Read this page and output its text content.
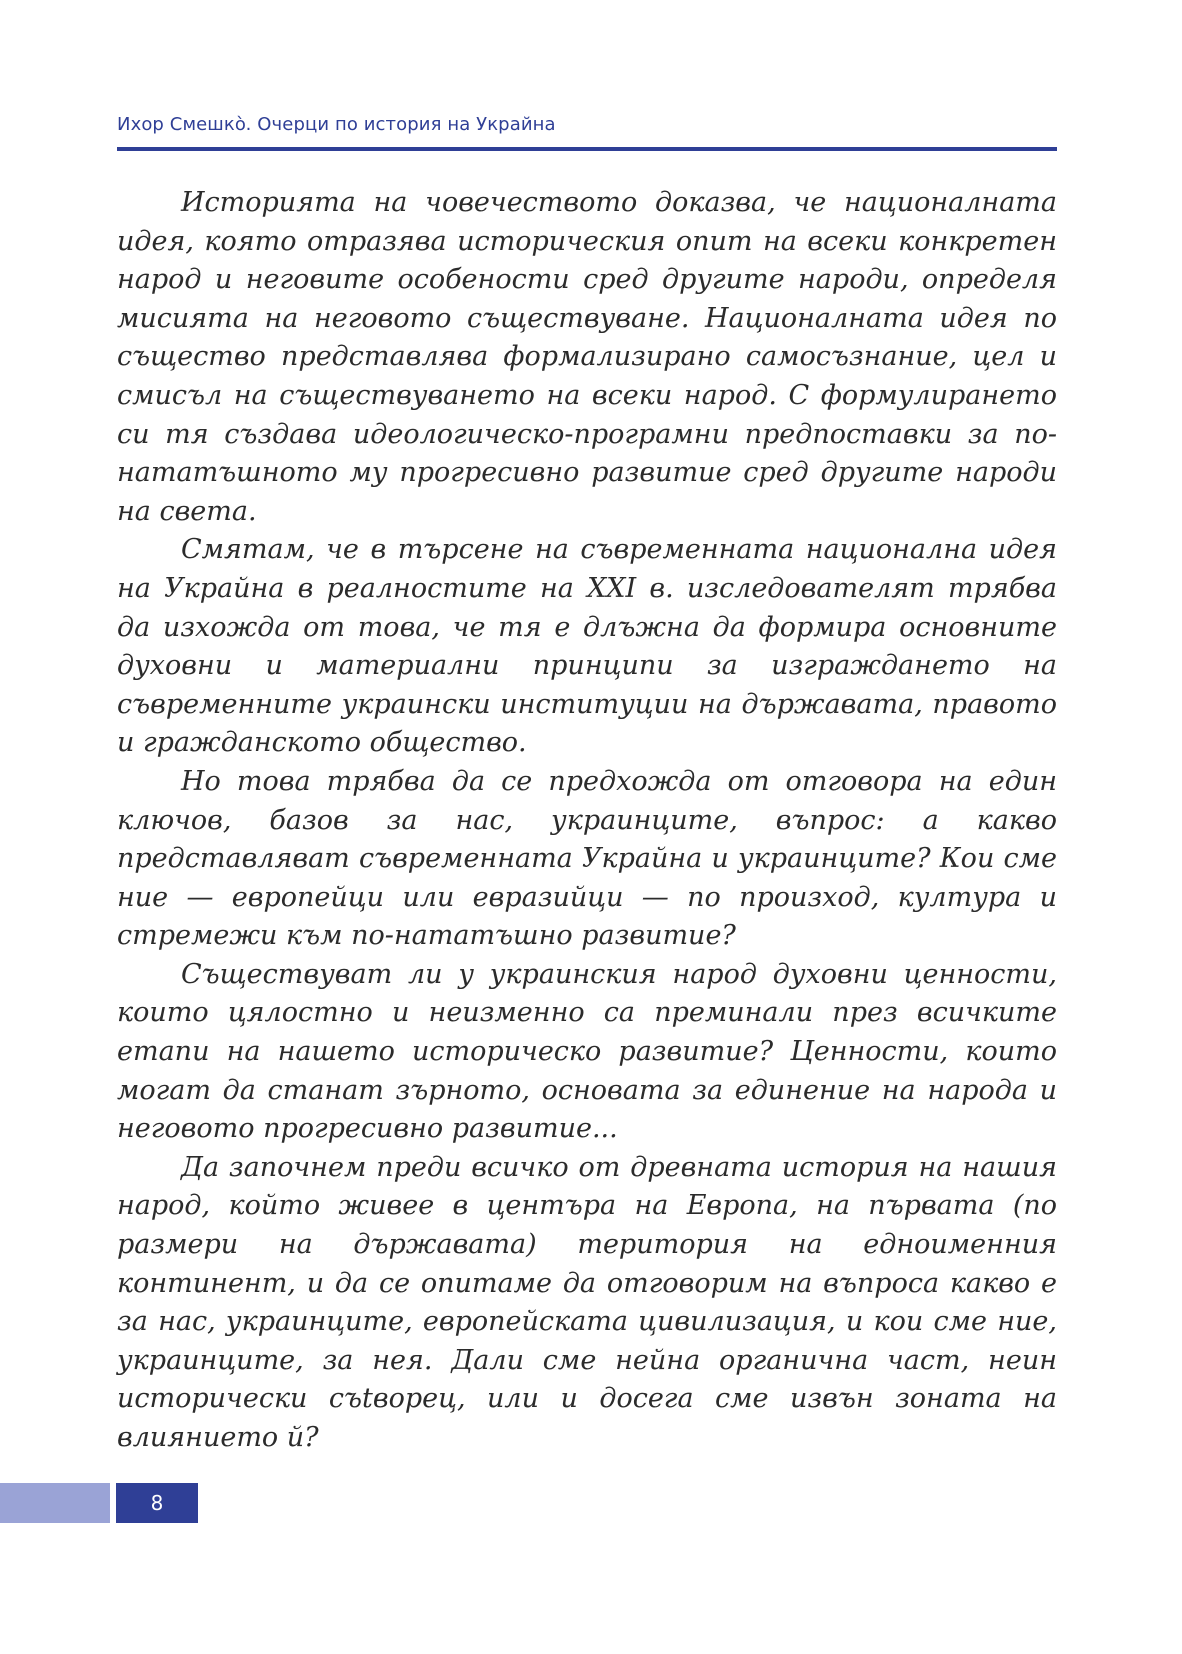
Ихор Смешкò. Очерци по история на Украйна

Историята на човечеството доказва, че националната идея, която отразява историческия опит на всеки конкретен народ и неговите особености сред другите народи, определя мисията на неговото съществуване. Националната идея по същество представлява формализирано самосъзнание, цел и смисъл на съществуването на всеки народ. С формулирането си тя създава идеологическо-програмни предпоставки за по-нататъшното му прогресивно развитие сред другите народи на света.

Смятам, че в търсене на съвременната национална идея на Украйна в реалностите на XXI в. изследователят трябва да изхожда от това, че тя е длъжна да формира основните духовни и материални принципи за изграждането на съвременните украински институции на държавата, правото и гражданското общество.

Но това трябва да се предхожда от отговора на един ключов, базов за нас, украинците, въпрос: а какво представляват съвременната Украйна и украинците? Кои сме ние — европейци или евразийци — по произход, култура и стремежи към по-нататъшно развитие?

Съществуват ли у украинския народ духовни ценности, които цялостно и неизменно са преминали през всичките етапи на нашето историческо развитие? Ценности, които могат да станат зърното, основата за единение на народа и неговото прогресивно развитие...

Да започнем преди всичко от древната история на нашия народ, който живее в центъра на Европа, на първата (по размери на държавата) територия на едноименния континент, и да се опитаме да отговорим на въпроса какво е за нас, украинците, европейската цивилизация, и кои сме ние, украинците, за нея. Дали сме нейна органична част, неин исторически съtворец, или и досега сме извън зоната на влиянието й?

8
